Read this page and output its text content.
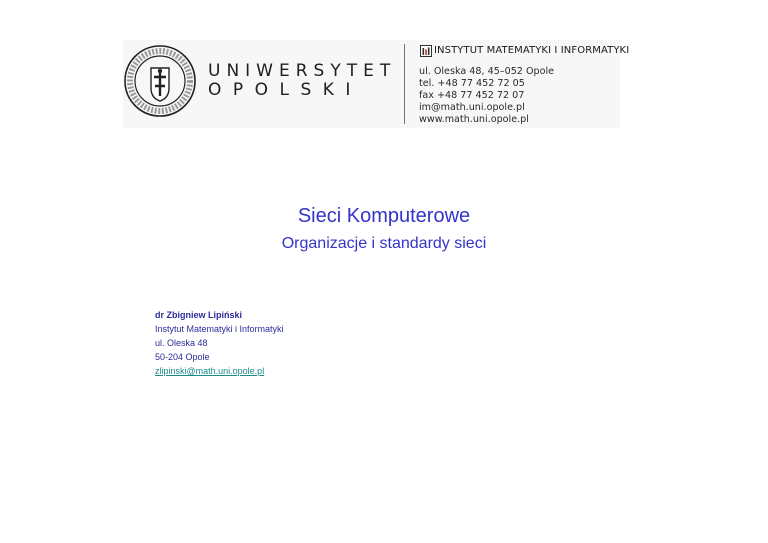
UNIWERSYTET
OPOLSKI
INSTYTUT MATEMATYKI I INFORMATYKI
ul. Oleska 48, 45–052 Opole
tel. +48 77 452 72 05
fax +48 77 452 72 07
im@math.uni.opole.pl
www.math.uni.opole.pl
Sieci Komputerowe
Organizacje i standardy sieci
dr Zbigniew Lipiński
Instytut Matematyki i Informatyki
ul. Oleska 48
50-204 Opole
zlipinski@math.uni.opole.pl
